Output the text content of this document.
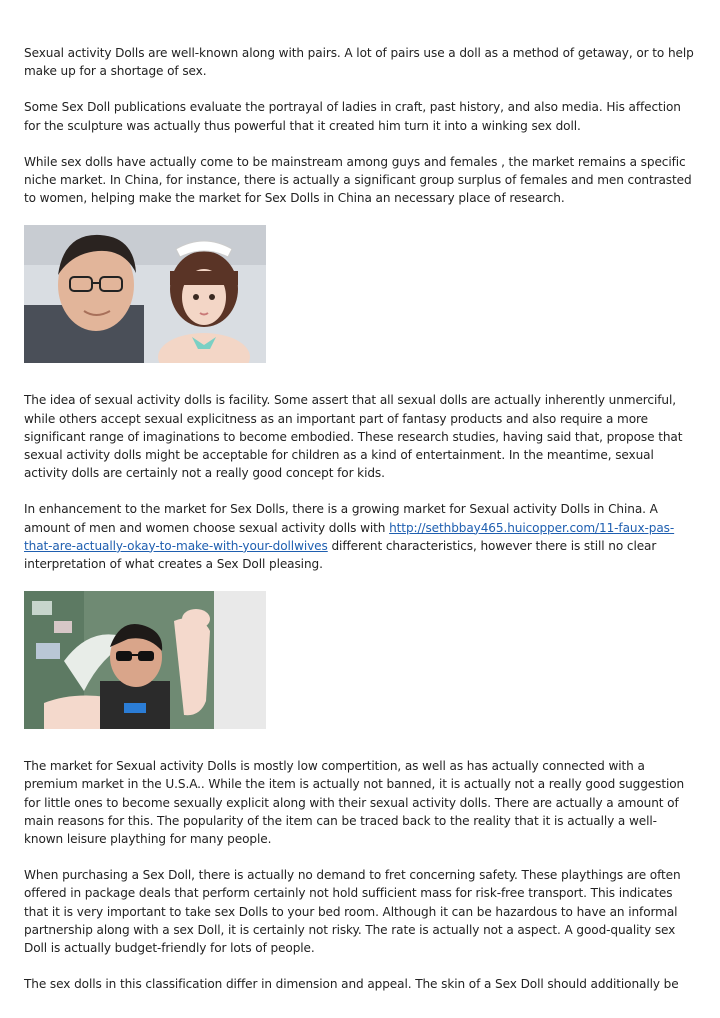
Sexual activity Dolls are well-known along with pairs. A lot of pairs use a doll as a method of getaway, or to help make up for a shortage of sex.

Some Sex Doll publications evaluate the portrayal of ladies in craft, past history, and also media. His affection for the sculpture was actually thus powerful that it created him turn it into a winking sex doll.

While sex dolls have actually come to be mainstream among guys and females , the market remains a specific niche market. In China, for instance, there is actually a significant group surplus of females and men contrasted to women, helping make the market for Sex Dolls in China an necessary place of research.

The idea of sexual activity dolls is facility. Some assert that all sexual dolls are actually inherently unmerciful, while others accept sexual explicitness as an important part of fantasy products and also require a more significant range of imaginations to become embodied. These research studies, having said that, propose that sexual activity dolls might be acceptable for children as a kind of entertainment. In the meantime, sexual activity dolls are certainly not a really good concept for kids.

In enhancement to the market for Sex Dolls, there is a growing market for Sexual activity Dolls in China. A amount of men and women choose sexual activity dolls with http://sethbbay465.huicopper.com/11-faux-pas-that-are-actually-okay-to-make-with-your-dollwives different characteristics, however there is still no clear interpretation of what creates a Sex Doll pleasing.

The market for Sexual activity Dolls is mostly low compertition, as well as has actually connected with a premium market in the U.S.A.. While the item is actually not banned, it is actually not a really good suggestion for little ones to become sexually explicit along with their sexual activity dolls. There are actually a amount of main reasons for this. The popularity of the item can be traced back to the reality that it is actually a well-known leisure plaything for many people.

When purchasing a Sex Doll, there is actually no demand to fret concerning safety. These playthings are often offered in package deals that perform certainly not hold sufficient mass for risk-free transport. This indicates that it is very important to take sex Dolls to your bed room. Although it can be hazardous to have an informal partnership along with a sex Doll, it is certainly not risky. The rate is actually not a aspect. A good-quality sex Doll is actually budget-friendly for lots of people.

The sex dolls in this classification differ in dimension and appeal. The skin of a Sex Doll should additionally be
